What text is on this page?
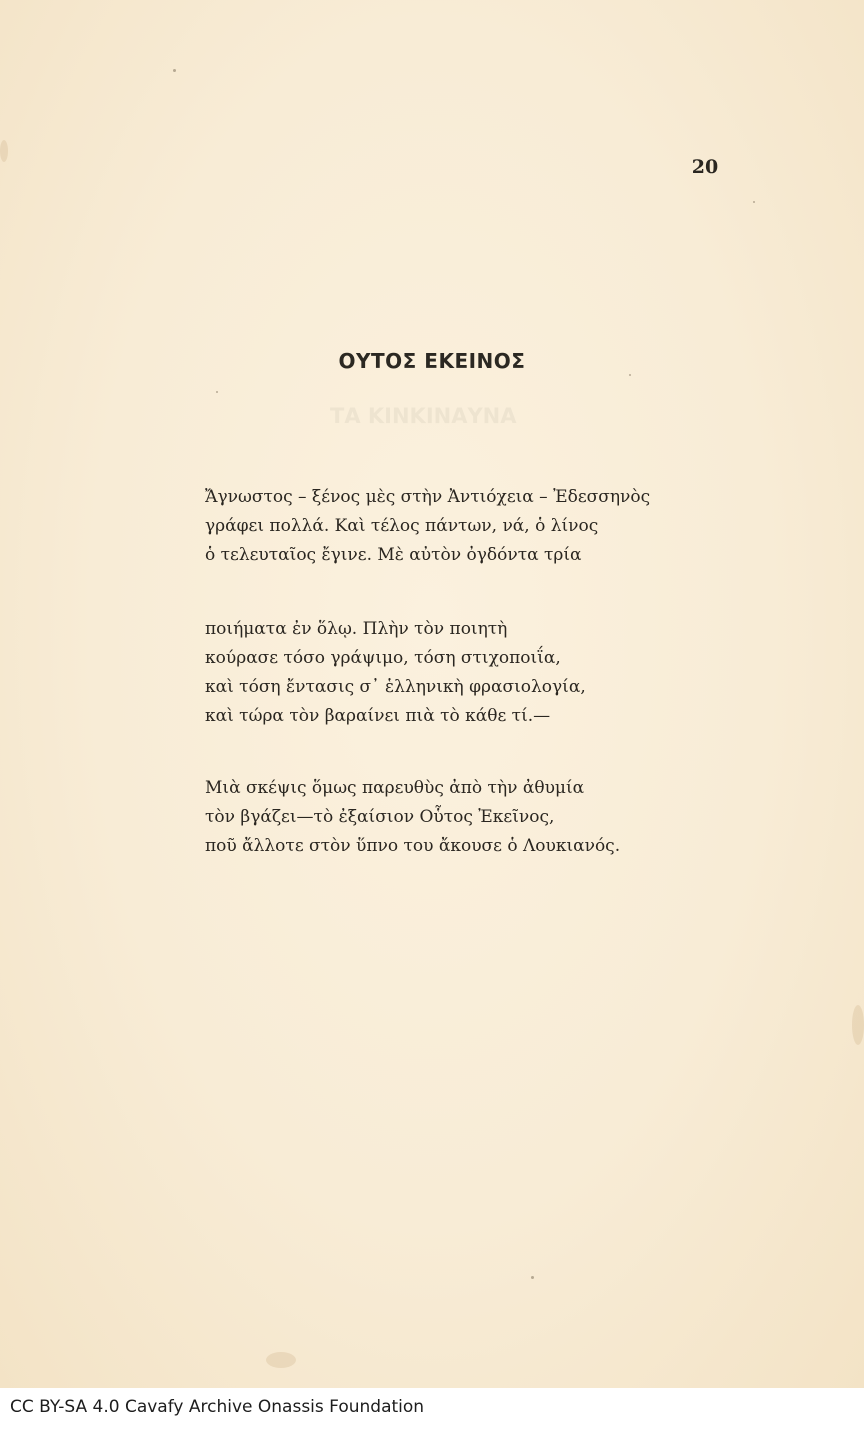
20
ΤΑ ΚΙΝΚΙΝΑΥΝΑ
ΟΥΤΟΣ ΕΚΕΙΝΟΣ
Ἄγνωστος – ξένος μὲς στὴν Ἀντιόχεια – Ἐδεσσηνὸς
γράφει πολλά. Καὶ τέλος πάντων, νά, ὁ λίνος
ὁ τελευταῖος ἔγινε. Μὲ αὐτὸν ὀγδόντα τρία
ποιήματα ἐν ὅλῳ. Πλὴν τὸν ποιητὴ
κούρασε τόσο γράψιμο, τόση στιχοποιΐα,
καὶ τόση ἔντασις σ᾽ ἑλληνικὴ φρασιολογία,
καὶ τώρα τὸν βαραίνει πιὰ τὸ κάθε τί.—
Μιὰ σκέψις ὅμως παρευθὺς ἀπὸ τὴν ἀθυμία
τὸν βγάζει—τὸ ἐξαίσιον Οὗτος Ἐκεῖνος,
ποῦ ἄλλοτε στὸν ὕπνο του ἄκουσε ὁ Λουκιανός.
CC BY-SA 4.0 Cavafy Archive Onassis Foundation
